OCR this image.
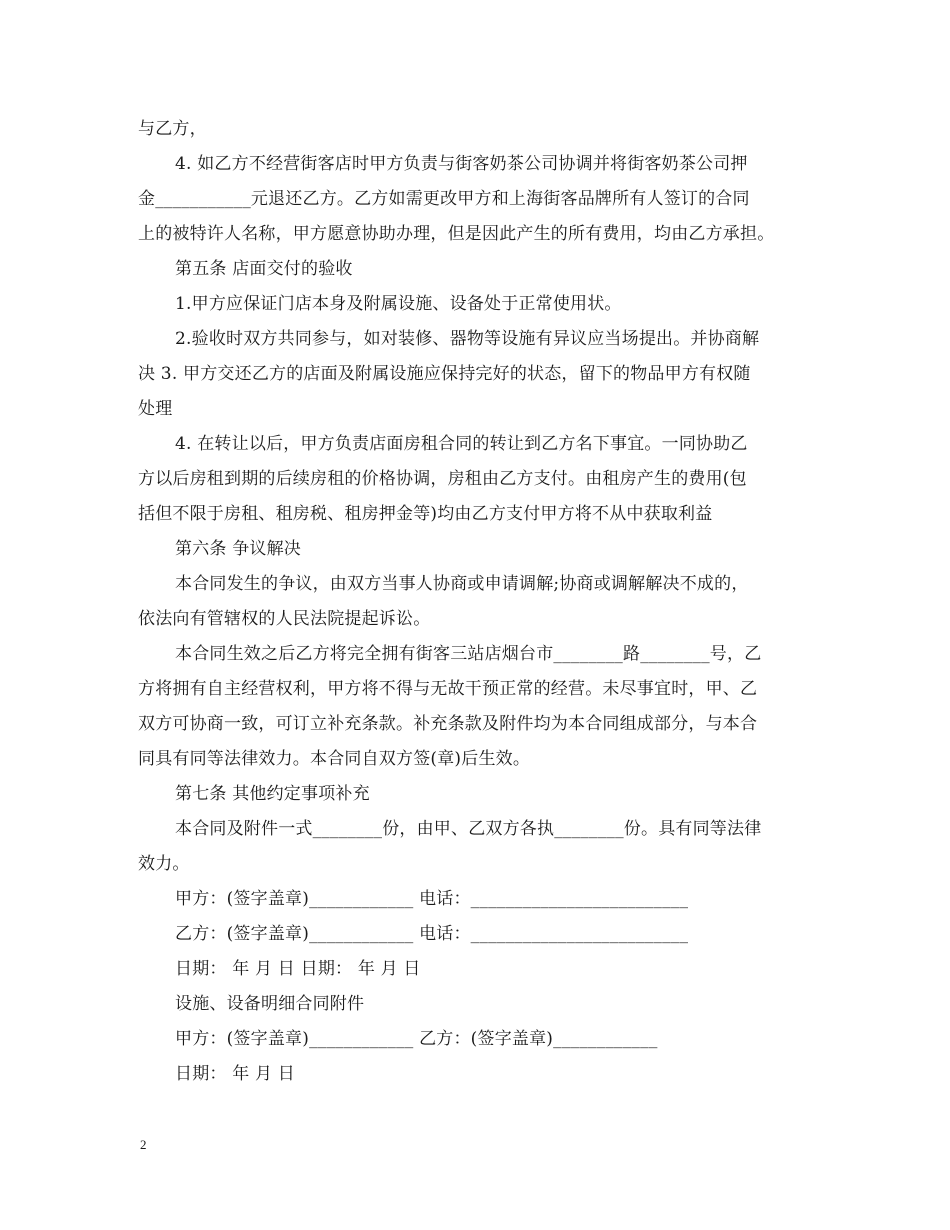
与乙方，
4. 如乙方不经营街客店时甲方负责与街客奶茶公司协调并将街客奶茶公司押
金___________元退还乙方。乙方如需更改甲方和上海街客品牌所有人签订的合同
上的被特许人名称，甲方愿意协助办理，但是因此产生的所有费用，均由乙方承担。
第五条 店面交付的验收
1.甲方应保证门店本身及附属设施、设备处于正常使用状。
2.验收时双方共同参与，如对装修、器物等设施有异议应当场提出。并协商解
决 3. 甲方交还乙方的店面及附属设施应保持完好的状态，留下的物品甲方有权随
处理
4. 在转让以后，甲方负责店面房租合同的转让到乙方名下事宜。一同协助乙
方以后房租到期的后续房租的价格协调，房租由乙方支付。由租房产生的费用(包
括但不限于房租、租房税、租房押金等)均由乙方支付甲方将不从中获取利益
第六条 争议解决
本合同发生的争议，由双方当事人协商或申请调解;协商或调解解决不成的，
依法向有管辖权的人民法院提起诉讼。
本合同生效之后乙方将完全拥有街客三站店烟台市________路________号，乙
方将拥有自主经营权利，甲方将不得与无故干预正常的经营。未尽事宜时，甲、乙
双方可协商一致，可订立补充条款。补充条款及附件均为本合同组成部分，与本合
同具有同等法律效力。本合同自双方签(章)后生效。
第七条 其他约定事项补充
本合同及附件一式________份，由甲、乙双方各执________份。具有同等法律
效力。
甲方：(签字盖章)____________ 电话：_________________________
乙方：(签字盖章)____________ 电话：_________________________
日期： 年 月 日 日期： 年 月 日
设施、设备明细合同附件
甲方：(签字盖章)____________ 乙方：(签字盖章)____________
日期： 年 月 日
2
